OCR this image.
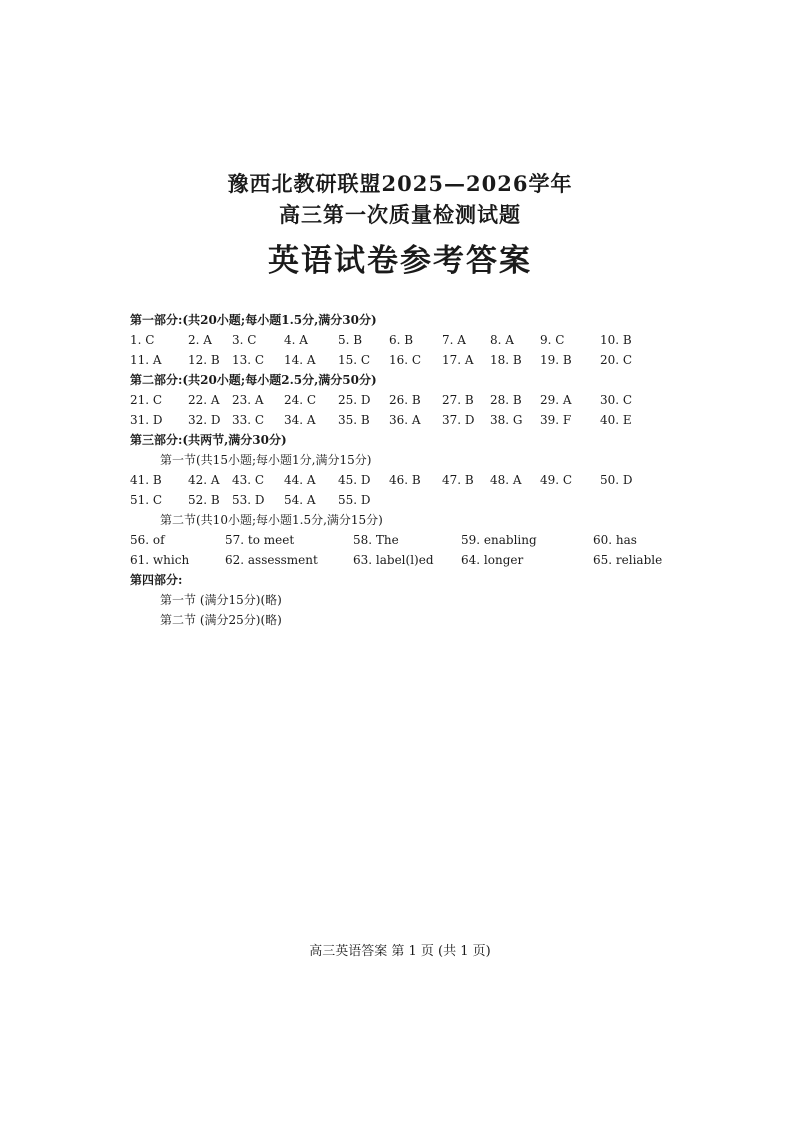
豫西北教研联盟2025—2026学年
高三第一次质量检测试题
英语试卷参考答案
第一部分:(共20小题;每小题1.5分,满分30分)
1. C	2. A	3. C	4. A	5. B	6. B	7. A	8. A	9. C	10. B
11. A	12. B	13. C	14. A	15. C	16. C	17. A	18. B	19. B	20. C
第二部分:(共20小题;每小题2.5分,满分50分)
21. C	22. A	23. A	24. C	25. D	26. B	27. B	28. B	29. A	30. C
31. D	32. D 33. C	34. A	35. B	36. A	37. D	38. G	39. F	40. E
第三部分:(共两节,满分30分)
第一节(共15小题;每小题1分,满分15分)
41. B	42. A	43. C	44. A	45. D	46. B	47. B	48. A	49. C	50. D
51. C	52. B	53. D	54. A	55. D
第二节(共10小题;每小题1.5分,满分15分)
56. of	57. to meet	58. The	59. enabling	60. has
61. which	62. assessment	63. label(l)ed	64. longer	65. reliable
第四部分:
第一节 (满分15分)(略)
第二节 (满分25分)(略)
高三英语答案 第 1 页 (共 1 页)
